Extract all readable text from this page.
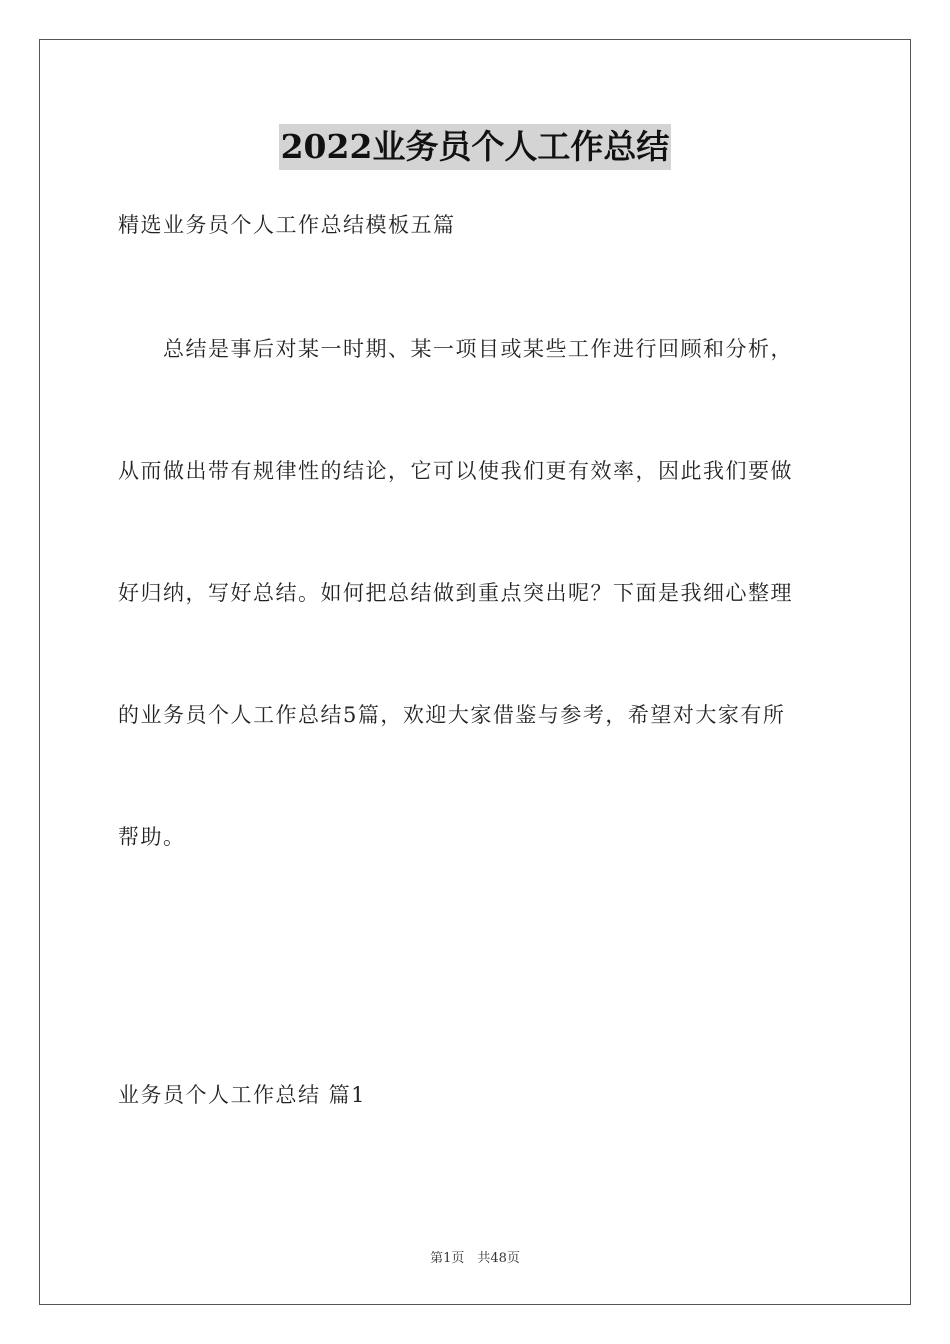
2022业务员个人工作总结

精选业务员个人工作总结模板五篇

　　总结是事后对某一时期、某一项目或某些工作进行回顾和分析，

从而做出带有规律性的结论，它可以使我们更有效率，因此我们要做

好归纳，写好总结。如何把总结做到重点突出呢？下面是我细心整理

的业务员个人工作总结5篇，欢迎大家借鉴与参考，希望对大家有所

帮助。

业务员个人工作总结 篇1

第1页　共48页
